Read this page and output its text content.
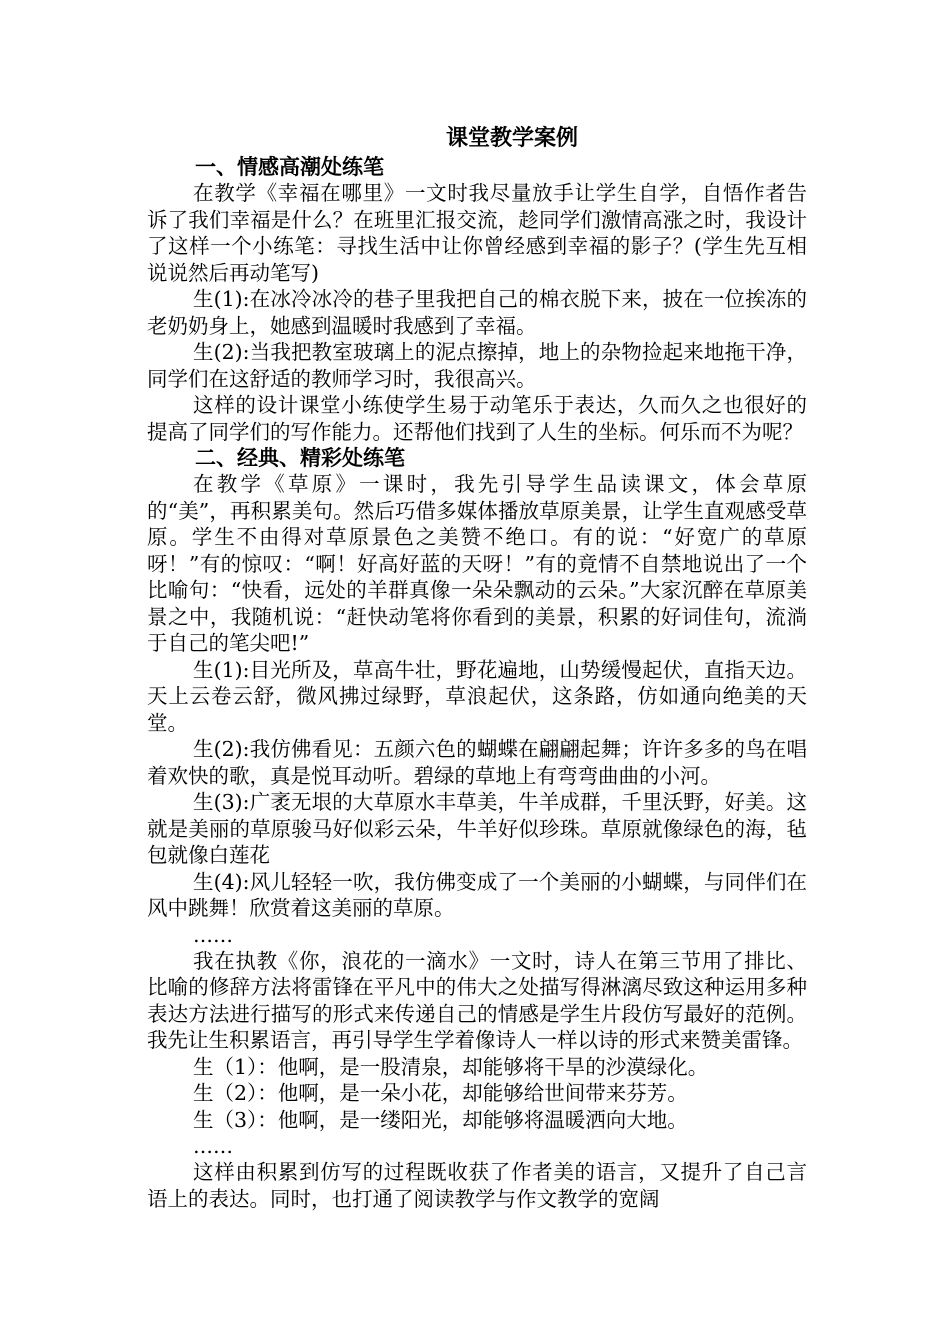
课堂教学案例

一、情感高潮处练笔

在教学《幸福在哪里》一文时我尽量放手让学生自学，自悟作者告诉了我们幸福是什么？在班里汇报交流，趁同学们激情高涨之时，我设计了这样一个小练笔：寻找生活中让你曾经感到幸福的影子？(学生先互相说说然后再动笔写)

生(1):在冰冷冰冷的巷子里我把自己的棉衣脱下来，披在一位挨冻的老奶奶身上，她感到温暖时我感到了幸福。

生(2):当我把教室玻璃上的泥点擦掉，地上的杂物捡起来地拖干净，同学们在这舒适的教师学习时，我很高兴。

这样的设计课堂小练使学生易于动笔乐于表达，久而久之也很好的提高了同学们的写作能力。还帮他们找到了人生的坐标。何乐而不为呢？

二、经典、精彩处练笔

在教学《草原》一课时，我先引导学生品读课文，体会草原的“美”，再积累美句。然后巧借多媒体播放草原美景，让学生直观感受草原。学生不由得对草原景色之美赞不绝口。有的说：“好宽广的草原呀！”有的惊叹：“啊！好高好蓝的天呀！”有的竟情不自禁地说出了一个比喻句：“快看，远处的羊群真像一朵朵飘动的云朵。”大家沉醉在草原美景之中，我随机说：“赶快动笔将你看到的美景，积累的好词佳句，流淌于自己的笔尖吧!”

生(1):目光所及，草高牛壮，野花遍地，山势缓慢起伏，直指天边。天上云卷云舒，微风拂过绿野，草浪起伏，这条路，仿如通向绝美的天堂。

生(2):我仿佛看见：五颜六色的蝴蝶在翩翩起舞；许许多多的鸟在唱着欢快的歌，真是悦耳动听。碧绿的草地上有弯弯曲曲的小河。

生(3):广袤无垠的大草原水丰草美，牛羊成群，千里沃野，好美。这就是美丽的草原骏马好似彩云朵，牛羊好似珍珠。草原就像绿色的海，毡包就像白莲花

生(4):风儿轻轻一吹，我仿佛变成了一个美丽的小蝴蝶，与同伴们在风中跳舞！欣赏着这美丽的草原。

……

我在执教《你，浪花的一滴水》一文时，诗人在第三节用了排比、比喻的修辞方法将雷锋在平凡中的伟大之处描写得淋漓尽致这种运用多种表达方法进行描写的形式来传递自己的情感是学生片段仿写最好的范例。我先让生积累语言，再引导学生学着像诗人一样以诗的形式来赞美雷锋。

生（1）：他啊，是一股清泉，却能够将干旱的沙漠绿化。

生（2）：他啊，是一朵小花，却能够给世间带来芬芳。

生（3）：他啊，是一缕阳光，却能够将温暖洒向大地。

……

这样由积累到仿写的过程既收获了作者美的语言，又提升了自己言语上的表达。同时，也打通了阅读教学与作文教学的宽阔
